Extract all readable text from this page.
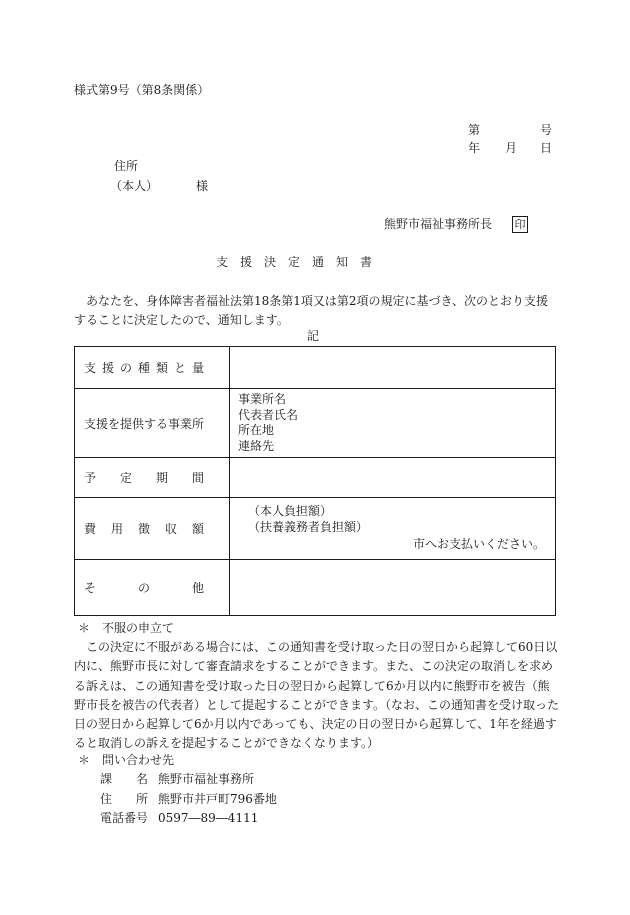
様式第9号（第8条関係）
第	号
年 月 日
住所
（本人）	様
熊野市福祉事務所長 印
支　援　決　定　通　知　書
あなたを、身体障害者福祉法第18条第1項又は第2項の規定に基づき、次のとおり支援することに決定したので、通知します。
記
支援の種類と量	

支援を提供する事業所	事業所名
代表者氏名
所在地
連絡先

予定期間	

費用徴収額	（本人負担額）
（扶養義務者負担額）
市へお支払いください。

その他	

＊　不服の申立て
この決定に不服がある場合には、この通知書を受け取った日の翌日から起算して60日以内に、熊野市長に対して審査請求をすることができます。また、この決定の取消しを求める訴えは、この通知書を受け取った日の翌日から起算して6か月以内に熊野市を被告（熊野市長を被告の代表者）として提起することができます。（なお、この通知書を受け取った日の翌日から起算して6か月以内であっても、決定の日の翌日から起算して、1年を経過すると取消しの訴えを提起することができなくなります。）
＊　問い合わせ先
課名 熊野市福祉事務所
住所 熊野市井戸町796番地
電話番号 0597―89―4111
